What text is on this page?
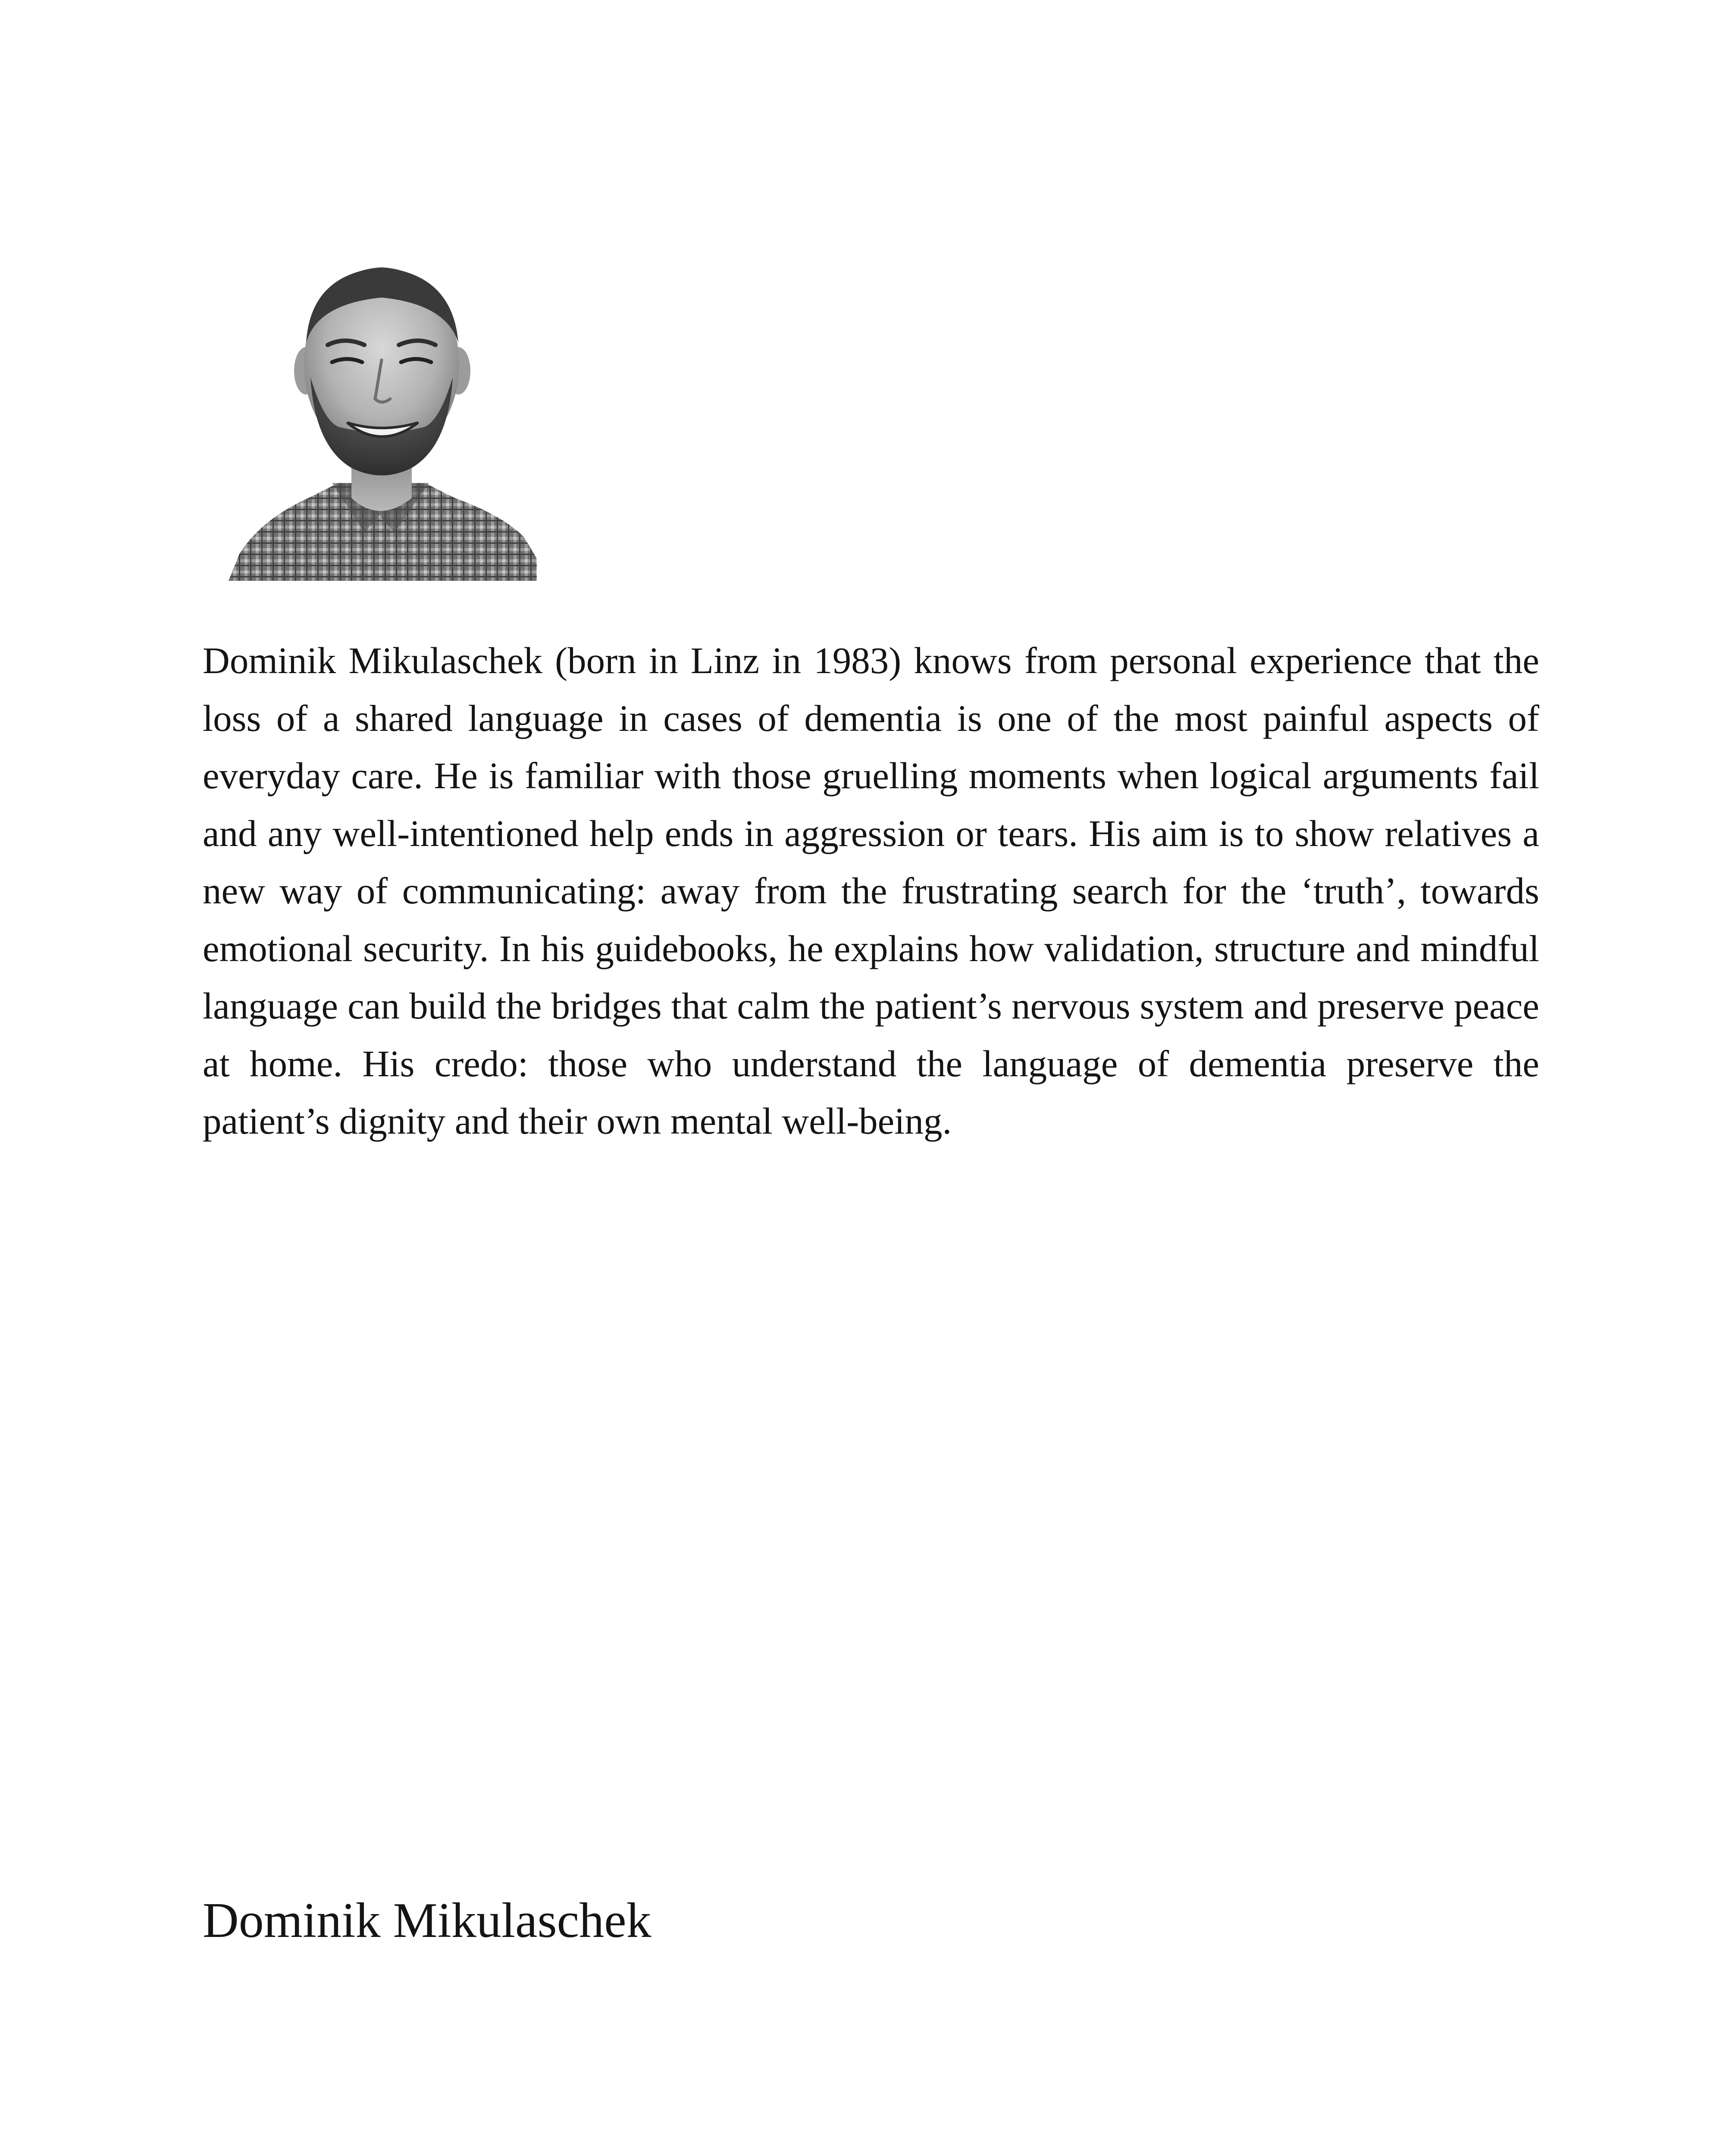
Dominik Mikulaschek (born in Linz in 1983) knows from personal experience that the loss of a shared language in cases of dementia is one of the most painful aspects of everyday care. He is familiar with those gruelling moments when logical arguments fail and any well-intentioned help ends in aggression or tears. His aim is to show relatives a new way of communicating: away from the frustrating search for the ‘truth’, towards emotional security. In his guidebooks, he explains how validation, structure and mindful language can build the bridges that calm the patient’s nervous system and preserve peace at home. His credo: those who understand the language of dementia preserve the patient’s dignity and their own mental well-being.

Dominik Mikulaschek
